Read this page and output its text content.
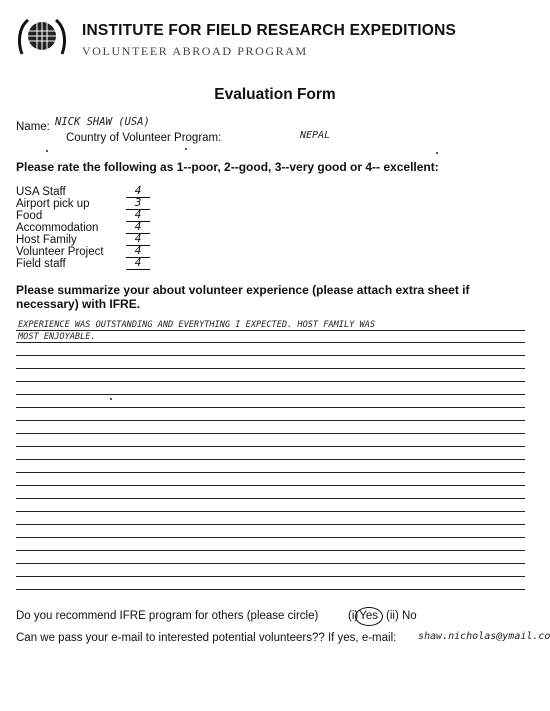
INSTITUTE FOR FIELD RESEARCH EXPEDITIONS
VOLUNTEER ABROAD PROGRAM
Evaluation Form
Name: NICK SHAW (USA)
Country of Volunteer Program:	NEPAL
Please rate the following as 1--poor, 2--good, 3--very good or 4-- excellent:
USA Staff	4
Airport pick up	3
Food	4
Accommodation	4
Host Family	4
Volunteer Project	4
Field staff	4
Please summarize your about volunteer experience (please attach extra sheet if
necessary) with IFRE.
EXPERIENCE WAS OUTSTANDING AND EVERYTHING I EXPECTED. HOST FAMILY WAS
MOST ENJOYABLE.
Do you recommend IFRE program for others (please circle)	(i)Yes (ii) No
Can we pass your e-mail to interested potential volunteers?? If yes, e-mail: shaw.nicholas@ymail.co
